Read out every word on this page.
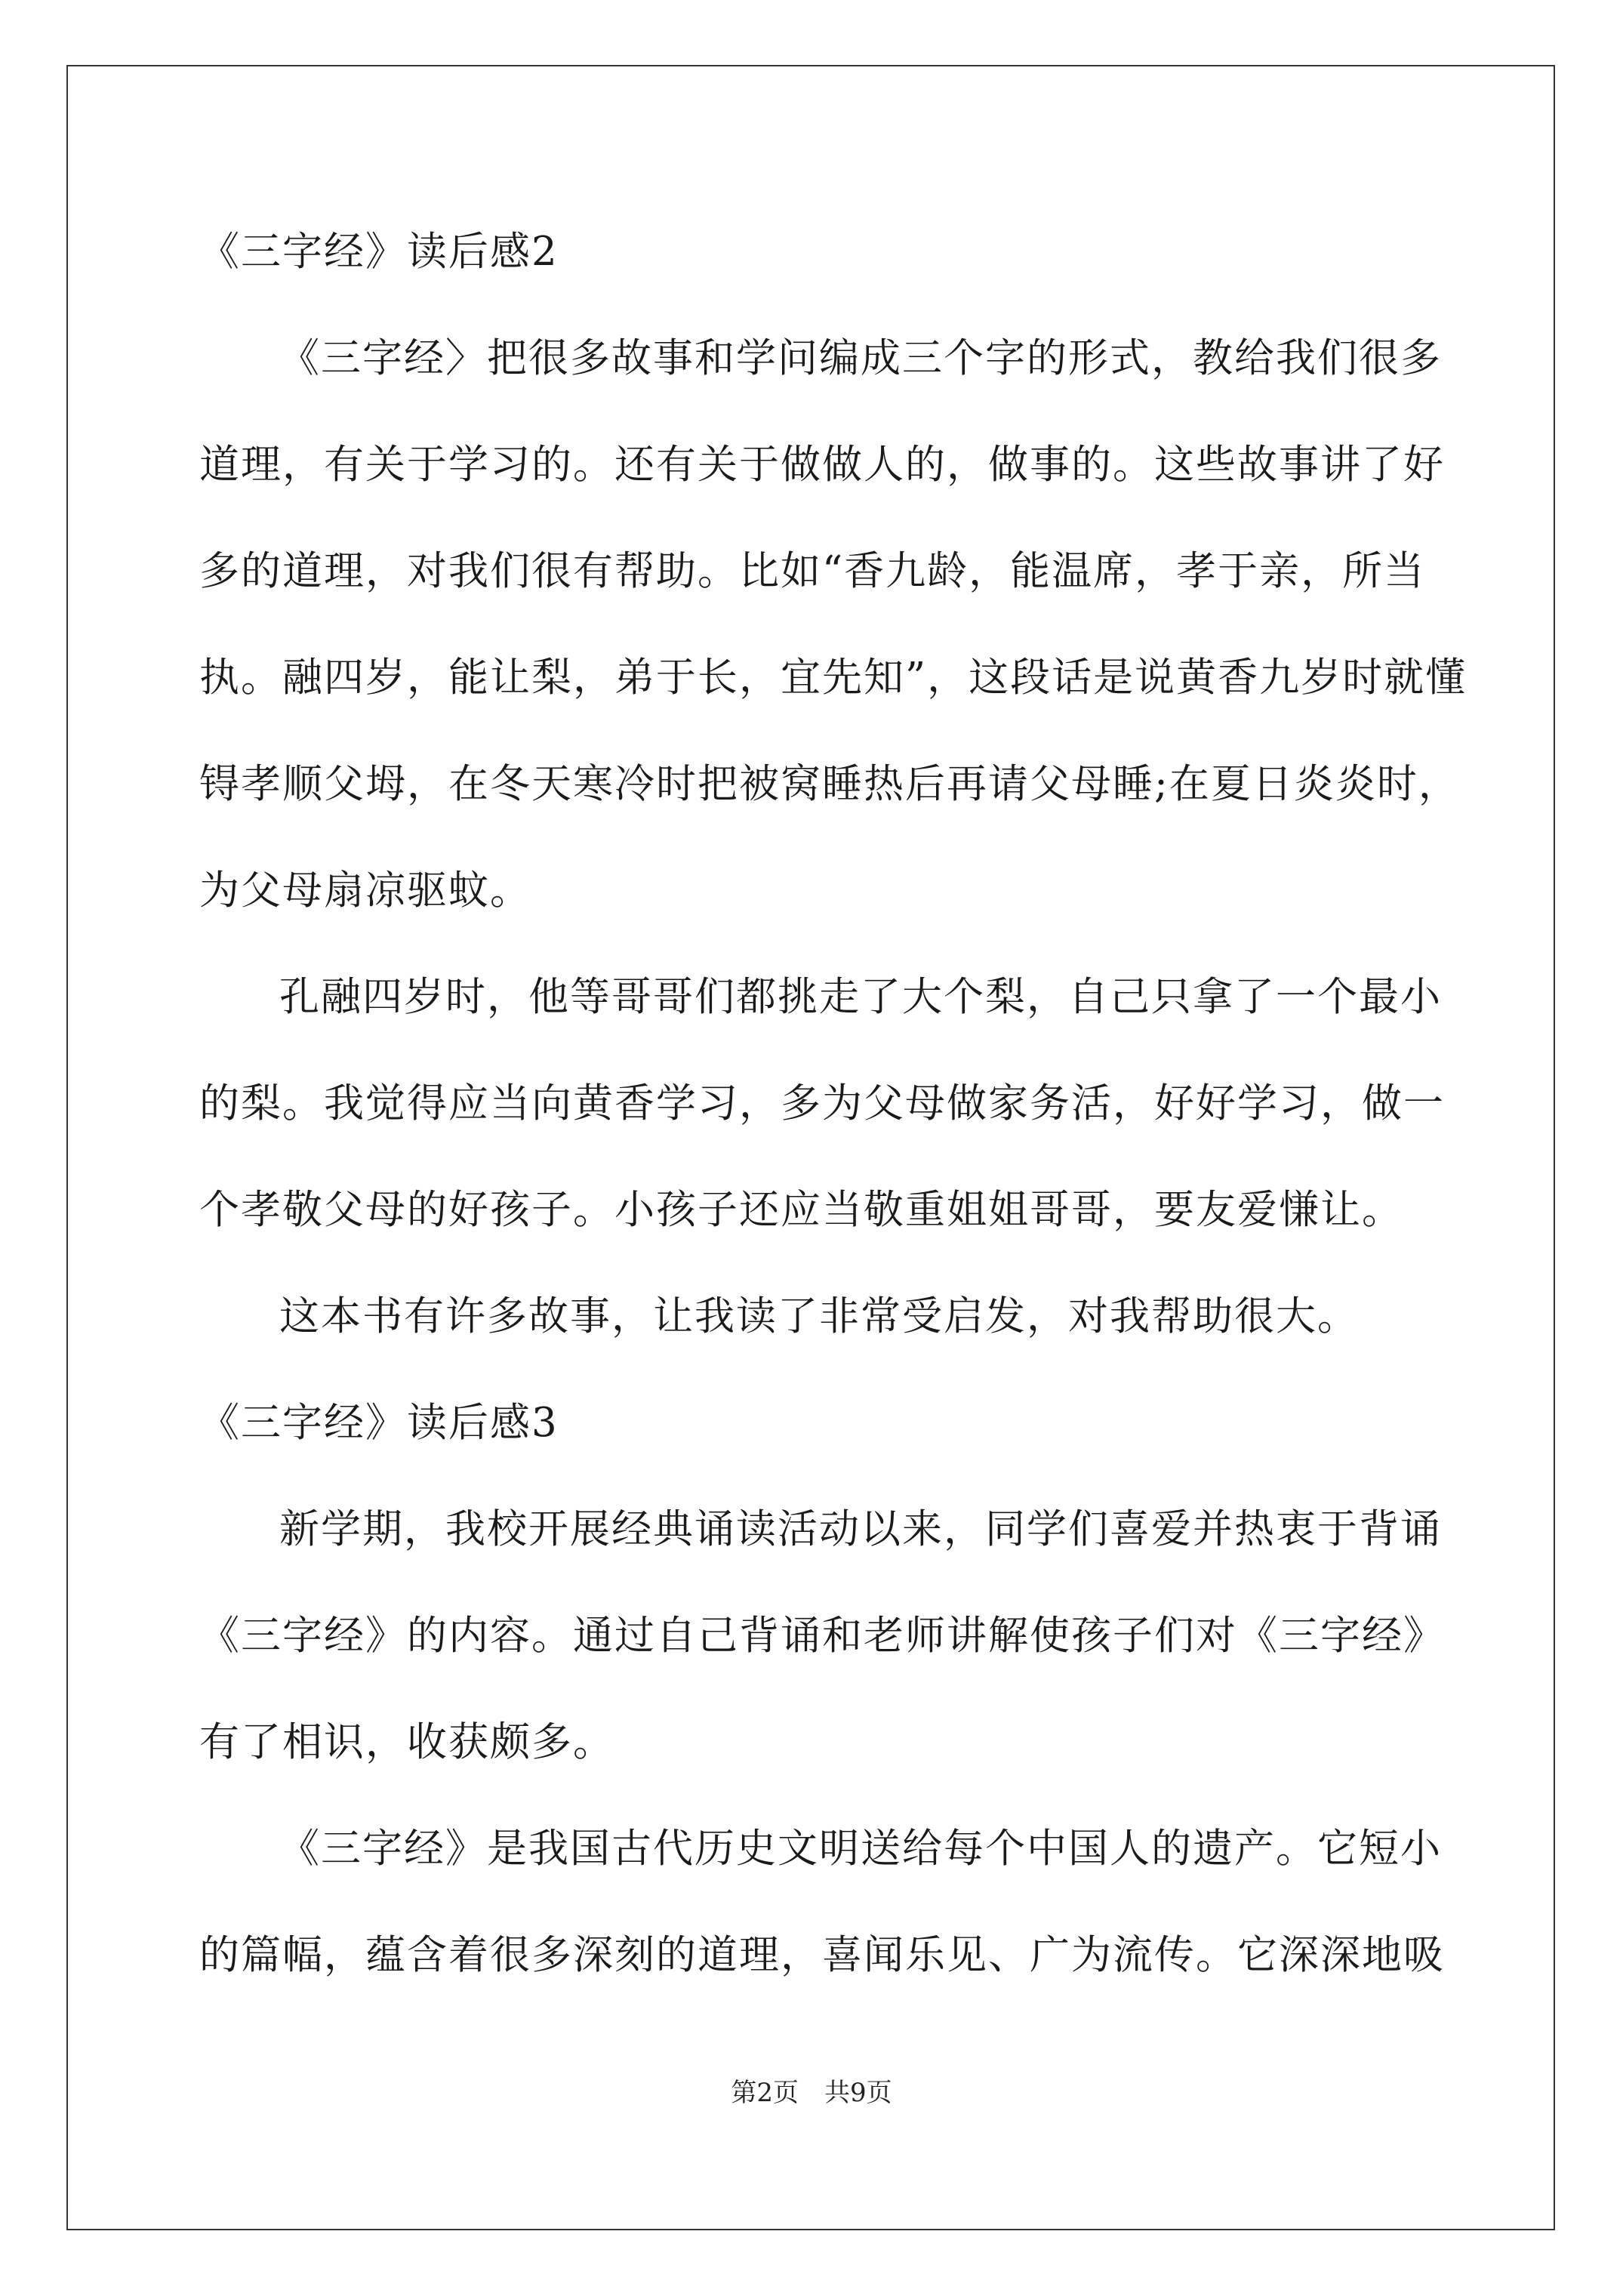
《三字经》读后感2
《三字经〉把很多故事和学问编成三个字的形式，教给我们很多
道理，有关于学习的。还有关于做做人的，做事的。这些故事讲了好
多的道理，对我们很有帮助。比如“香九龄，能温席，孝于亲，所当
执。融四岁，能让梨，弟于长，宜先知”，这段话是说黄香九岁时就懂
锝孝顺父坶，在冬天寒冷时把被窝睡热后再请父母睡;在夏日炎炎时，
为父母扇凉驱蚊。
孔融四岁时，他等哥哥们都挑走了大个梨，自己只拿了一个最小
的梨。我觉得应当向黄香学习，多为父母做家务活，好好学习，做一
个孝敬父母的好孩子。小孩子还应当敬重姐姐哥哥，要友爱慊让。
这本书有许多故事，让我读了非常受启发，对我帮助很大。
《三字经》读后感3
新学期，我校开展经典诵读活动以来，同学们喜爱并热衷于背诵
《三字经》的内容。通过自己背诵和老师讲解使孩子们对《三字经》
有了相识，收获颇多。
《三字经》是我国古代历史文明送给每个中国人的遗产。它短小
的篇幅，蕴含着很多深刻的道理，喜闻乐见、广为流传。它深深地吸
第2页　共9页
